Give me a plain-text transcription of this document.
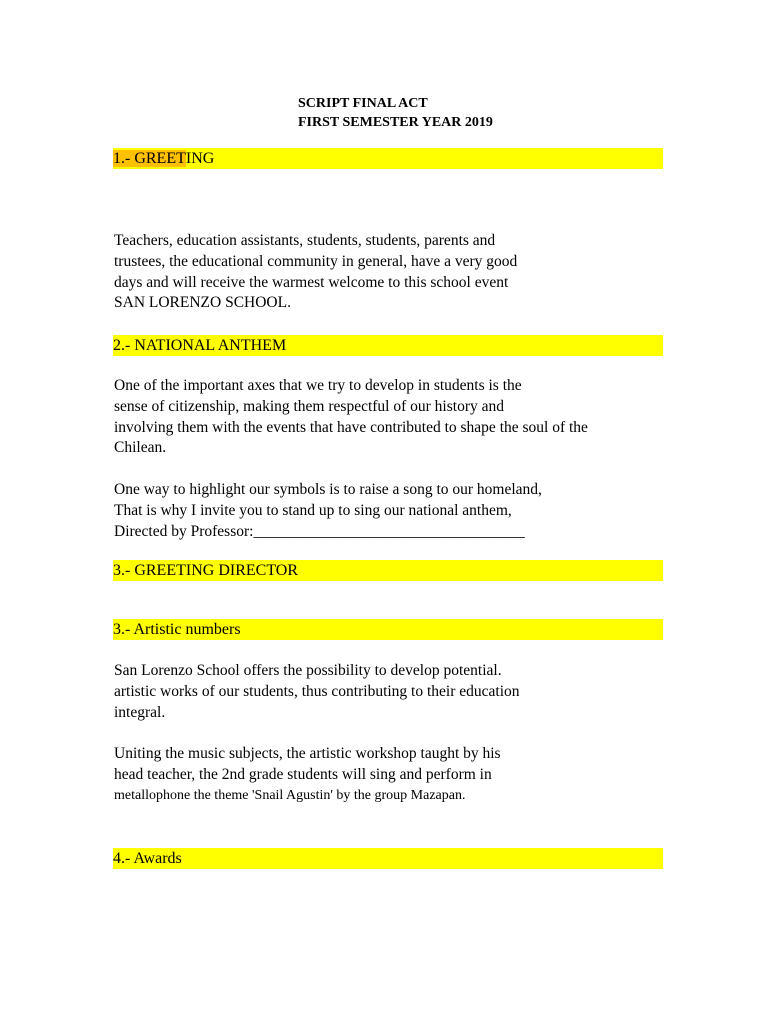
SCRIPT FINAL ACT
FIRST SEMESTER YEAR 2019
1.- GREETING
Teachers, education assistants, students, students, parents and
trustees, the educational community in general, have a very good
days and will receive the warmest welcome to this school event
SAN LORENZO SCHOOL.
2.- NATIONAL ANTHEM
One of the important axes that we try to develop in students is the
sense of citizenship, making them respectful of our history and
involving them with the events that have contributed to shape the soul of the
Chilean.
One way to highlight our symbols is to raise a song to our homeland,
That is why I invite you to stand up to sing our national anthem,
Directed by Professor:___________________________________
3.- GREETING DIRECTOR
3.- Artistic numbers
San Lorenzo School offers the possibility to develop potential.
artistic works of our students, thus contributing to their education
integral.
Uniting the music subjects, the artistic workshop taught by his
head teacher, the 2nd grade students will sing and perform in
metallophone the theme 'Snail Agustin' by the group Mazapan.
4.- Awards
